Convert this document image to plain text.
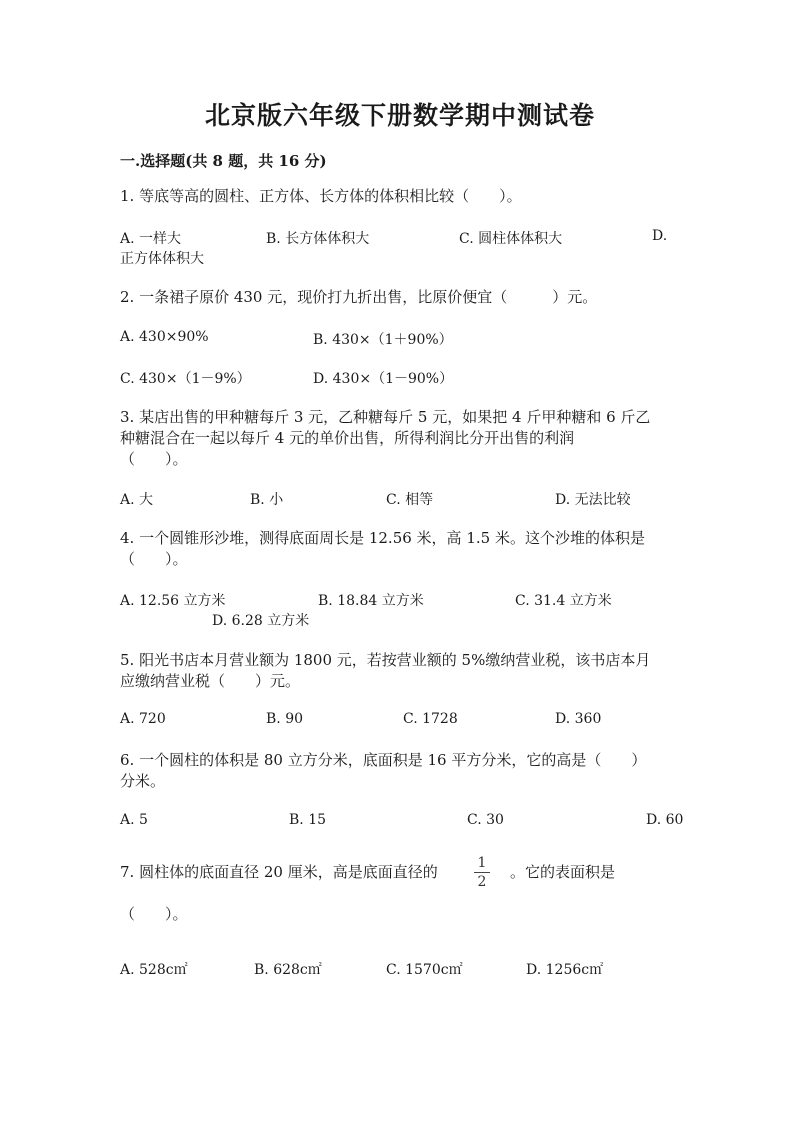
北京版六年级下册数学期中测试卷
一.选择题(共 8 题，共 16 分)
1. 等底等高的圆柱、正方体、长方体的体积相比较（　　）。
A. 一样大	B. 长方体体积大	C. 圆柱体体积大	D.
正方体体积大
2. 一条裙子原价 430 元，现价打九折出售，比原价便宜（　　　）元。
A. 430×90%	B. 430×（1＋90%）
C. 430×（1－9%）	D. 430×（1－90%）
3. 某店出售的甲种糖每斤 3 元，乙种糖每斤 5 元，如果把 4 斤甲种糖和 6 斤乙
种糖混合在一起以每斤 4 元的单价出售，所得利润比分开出售的利润
（　　）。
A. 大	B. 小	C. 相等	D. 无法比较
4. 一个圆锥形沙堆，测得底面周长是 12.56 米，高 1.5 米。这个沙堆的体积是
（　　）。
A. 12.56 立方米	B. 18.84 立方米	C. 31.4 立方米
D. 6.28 立方米
5. 阳光书店本月营业额为 1800 元，若按营业额的 5%缴纳营业税，该书店本月
应缴纳营业税（　　）元。
A. 720	B. 90	C. 1728	D. 360
6. 一个圆柱的体积是 80 立方分米，底面积是 16 平方分米，它的高是（　　）
分米。
A. 5	B. 15	C. 30	D. 60
7. 圆柱体的底面直径 20 厘米，高是底面直径的	1
2
。它的表面积是
（　　）。
A. 528c㎡	B. 628c㎡	C. 1570c㎡	D. 1256c㎡
